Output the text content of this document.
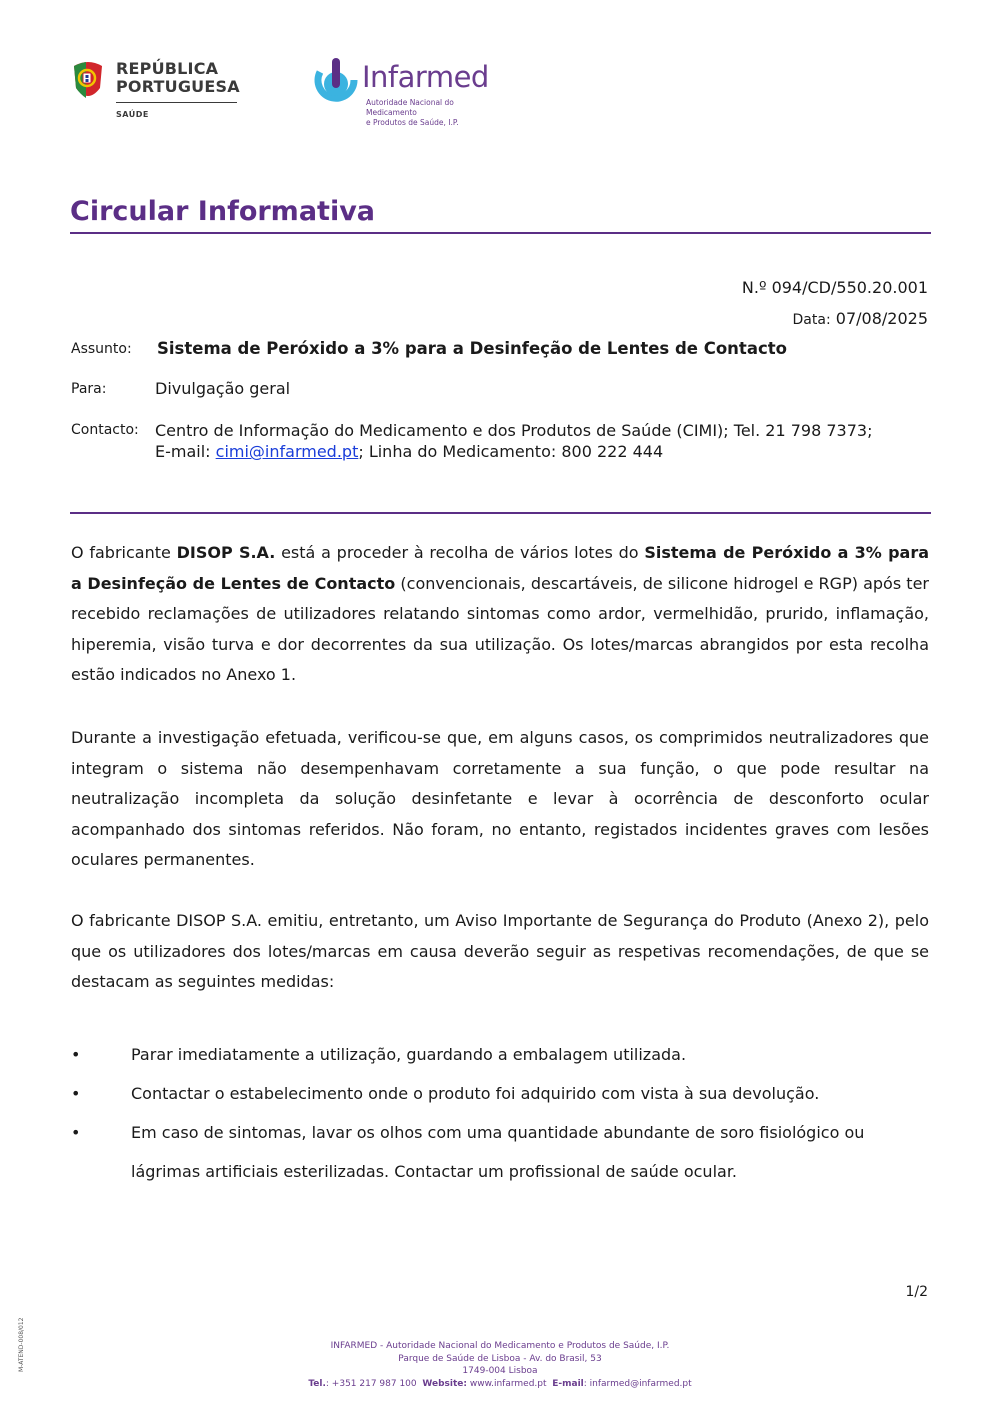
REPÚBLICA
PORTUGUESA
SAÚDE
Infarmed
Autoridade Nacional do Medicamento
e Produtos de Saúde, I.P.
Circular Informativa
N.º 094/CD/550.20.001
Data: 07/08/2025
Assunto: Sistema de Peróxido a 3% para a Desinfeção de Lentes de Contacto
Para:	Divulgação geral
Contacto: Centro de Informação do Medicamento e dos Produtos de Saúde (CIMI); Tel. 21 798 7373;
E-mail: cimi@infarmed.pt; Linha do Medicamento: 800 222 444
O fabricante DISOP S.A. está a proceder à recolha de vários lotes do Sistema de Peróxido a 3% para a Desinfeção de Lentes de Contacto (convencionais, descartáveis, de silicone hidrogel e RGP) após ter recebido reclamações de utilizadores relatando sintomas como ardor, vermelhidão, prurido, inflamação, hiperemia, visão turva e dor decorrentes da sua utilização. Os lotes/marcas abrangidos por esta recolha estão indicados no Anexo 1.
Durante a investigação efetuada, verificou-se que, em alguns casos, os comprimidos neutralizadores que integram o sistema não desempenhavam corretamente a sua função, o que pode resultar na neutralização incompleta da solução desinfetante e levar à ocorrência de desconforto ocular acompanhado dos sintomas referidos. Não foram, no entanto, registados incidentes graves com lesões oculares permanentes.
O fabricante DISOP S.A. emitiu, entretanto, um Aviso Importante de Segurança do Produto (Anexo 2), pelo que os utilizadores dos lotes/marcas em causa deverão seguir as respetivas recomendações, de que se destacam as seguintes medidas:
•	Parar imediatamente a utilização, guardando a embalagem utilizada.
•	Contactar o estabelecimento onde o produto foi adquirido com vista à sua devolução.
•	Em caso de sintomas, lavar os olhos com uma quantidade abundante de soro fisiológico ou lágrimas artificiais esterilizadas. Contactar um profissional de saúde ocular.
1/2
M-ATEND-008/012	INFARMED - Autoridade Nacional do Medicamento e Produtos de Saúde, I.P.
Parque de Saúde de Lisboa - Av. do Brasil, 53
1749-004 Lisboa
Tel.: +351 217 987 100 Website: www.infarmed.pt E-mail: infarmed@infarmed.pt
